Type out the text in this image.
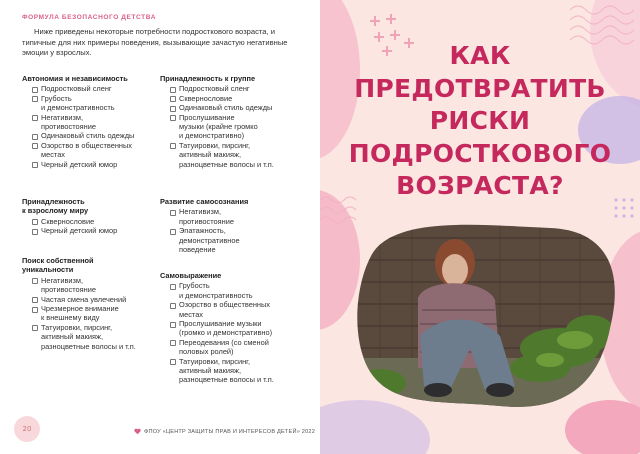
ФОРМУЛА БЕЗОПАСНОГО ДЕТСТВА

Ниже приведены некоторые потребности подросткового возраста, и типичные для них примеры поведения, вызывающие зачастую негативные эмоции у взрослых.

Автономия и независимость
Подростковый сленг
Грубость
и демонстративность
Негативизм,
противостояние
Одинаковый стиль одежды
Озорство в общественных
местах
Черный детский юмор
Принадлежность
к взрослому миру
Сквернословие
Черный детский юмор
Поиск собственной
уникальности
Негативизм,
противостояние
Частая смена увлечений
Чрезмерное внимание
к внешнему виду
Татуировки, пирсинг,
активный макияж,
разноцветные волосы и т.п.
Принадлежность к группе
Подростковый сленг
Сквернословие
Одинаковый стиль одежды
Прослушивание
музыки (крайне громко
и демонстративно)
Татуировки, пирсинг,
активный макияж,
разноцветные волосы и т.п.
Развитие самосознания
Негативизм,
противостояние
Эпатажность,
демонстративное
поведение
Самовыражение
Грубость
и демонстративность
Озорство в общественных
местах
Прослушивание музыки
(громко и демонстративно)
Переодевания (со сменой
половых ролей)
Татуировки, пирсинг,
активный макияж,
разноцветные волосы и т.п.
20	ФПОУ «ЦЕНТР ЗАЩИТЫ ПРАВ И ИНТЕРЕСОВ ДЕТЕЙ» 2022
КАК
ПРЕДОТВРАТИТЬ
РИСКИ
ПОДРОСТКОВОГО
ВОЗРАСТА?
